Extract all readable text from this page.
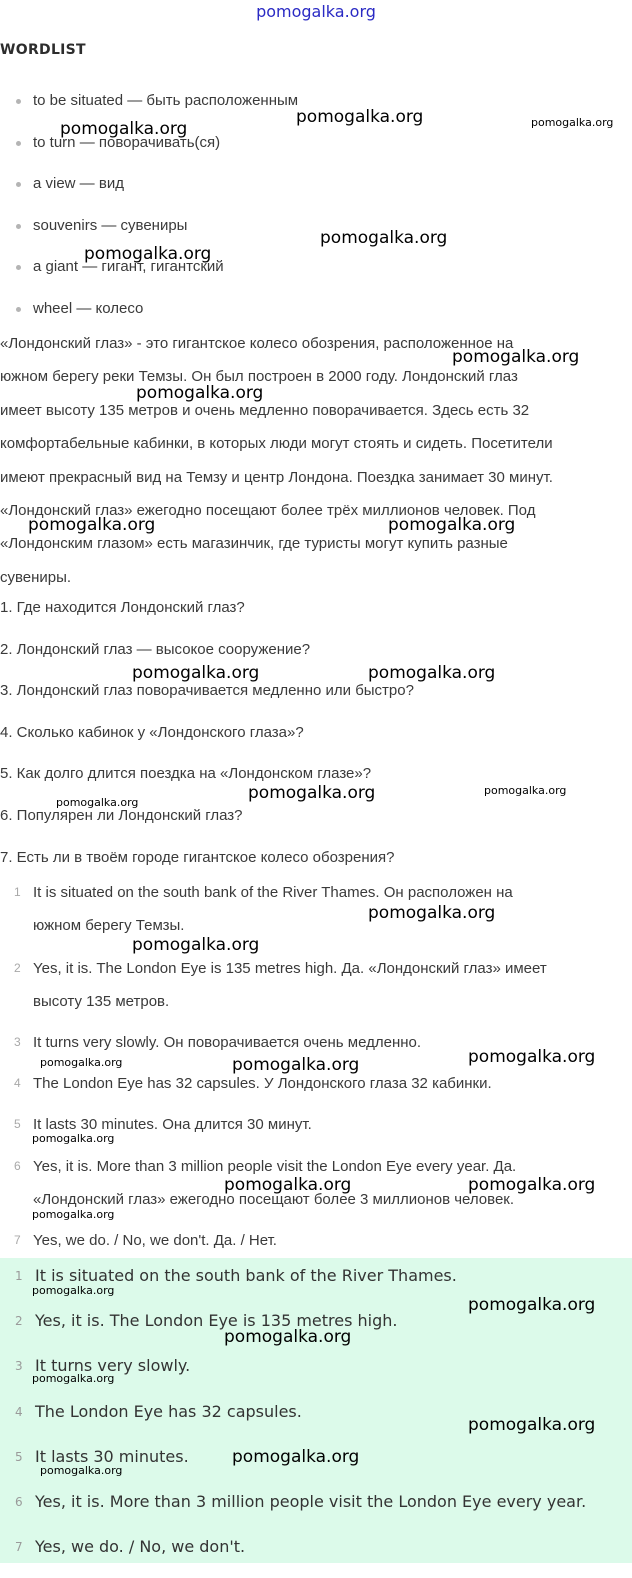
pomogalka.org
WORDLIST
to be situated — быть расположенным
to turn — поворачивать(ся)
a view — вид
souvenirs — сувениры
a giant — гигант, гигантский
wheel — колесо

«Лондонский глаз» - это гигантское колесо обозрения, расположенное на
южном берегу реки Темзы. Он был построен в 2000 году. Лондонский глаз
имеет высоту 135 метров и очень медленно поворачивается. Здесь есть 32
комфортабельные кабинки, в которых люди могут стоять и сидеть. Посетители
имеют прекрасный вид на Темзу и центр Лондона. Поездка занимает 30 минут.
«Лондонский глаз» ежегодно посещают более трёх миллионов человек. Под
«Лондонским глазом» есть магазинчик, где туристы могут купить разные
сувениры.

1. Где находится Лондонский глаз?
2. Лондонский глаз — высокое сооружение?
3. Лондонский глаз поворачивается медленно или быстро?
4. Сколько кабинок у «Лондонского глаза»?
5. Как долго длится поездка на «Лондонском глазе»?
6. Популярен ли Лондонский глаз?
7. Есть ли в твоём городе гигантское колесо обозрения?
1 It is situated on the south bank of the River Thames. Он расположен на
южном берегу Темзы.
2 Yes, it is. The London Eye is 135 metres high. Да. «Лондонский глаз» имеет
высоту 135 метров.
3 It turns very slowly. Он поворачивается очень медленно.
4 The London Eye has 32 capsules. У Лондонского глаза 32 кабинки.
5 It lasts 30 minutes. Она длится 30 минут.
6 Yes, it is. More than 3 million people visit the London Eye every year. Да.
«Лондонский глаз» ежегодно посещают более 3 миллионов человек.
7 Yes, we do. / No, we don't. Да. / Нет.
1 It is situated on the south bank of the River Thames.
2 Yes, it is. The London Eye is 135 metres high.
3 It turns very slowly.
4 The London Eye has 32 capsules.
5 It lasts 30 minutes.
6 Yes, it is. More than 3 million people visit the London Eye every year.
7 Yes, we do. / No, we don't.
pomogalka.org
pomogalka.org	pomogalka.org
pomogalka.org
pomogalka.org
pomogalka.org
pomogalka.org
pomogalka.org	pomogalka.org
pomogalka.org	pomogalka.org
pomogalka.org	pomogalka.org	pomogalka.org
pomogalka.org
pomogalka.org
pomogalka.org	pomogalka.org	pomogalka.org
pomogalka.org
pomogalka.org	pomogalka.org
pomogalka.org
pomogalka.org
pomogalka.org
pomogalka.org
pomogalka.org
pomogalka.org
pomogalka.org
pomogalka.org
